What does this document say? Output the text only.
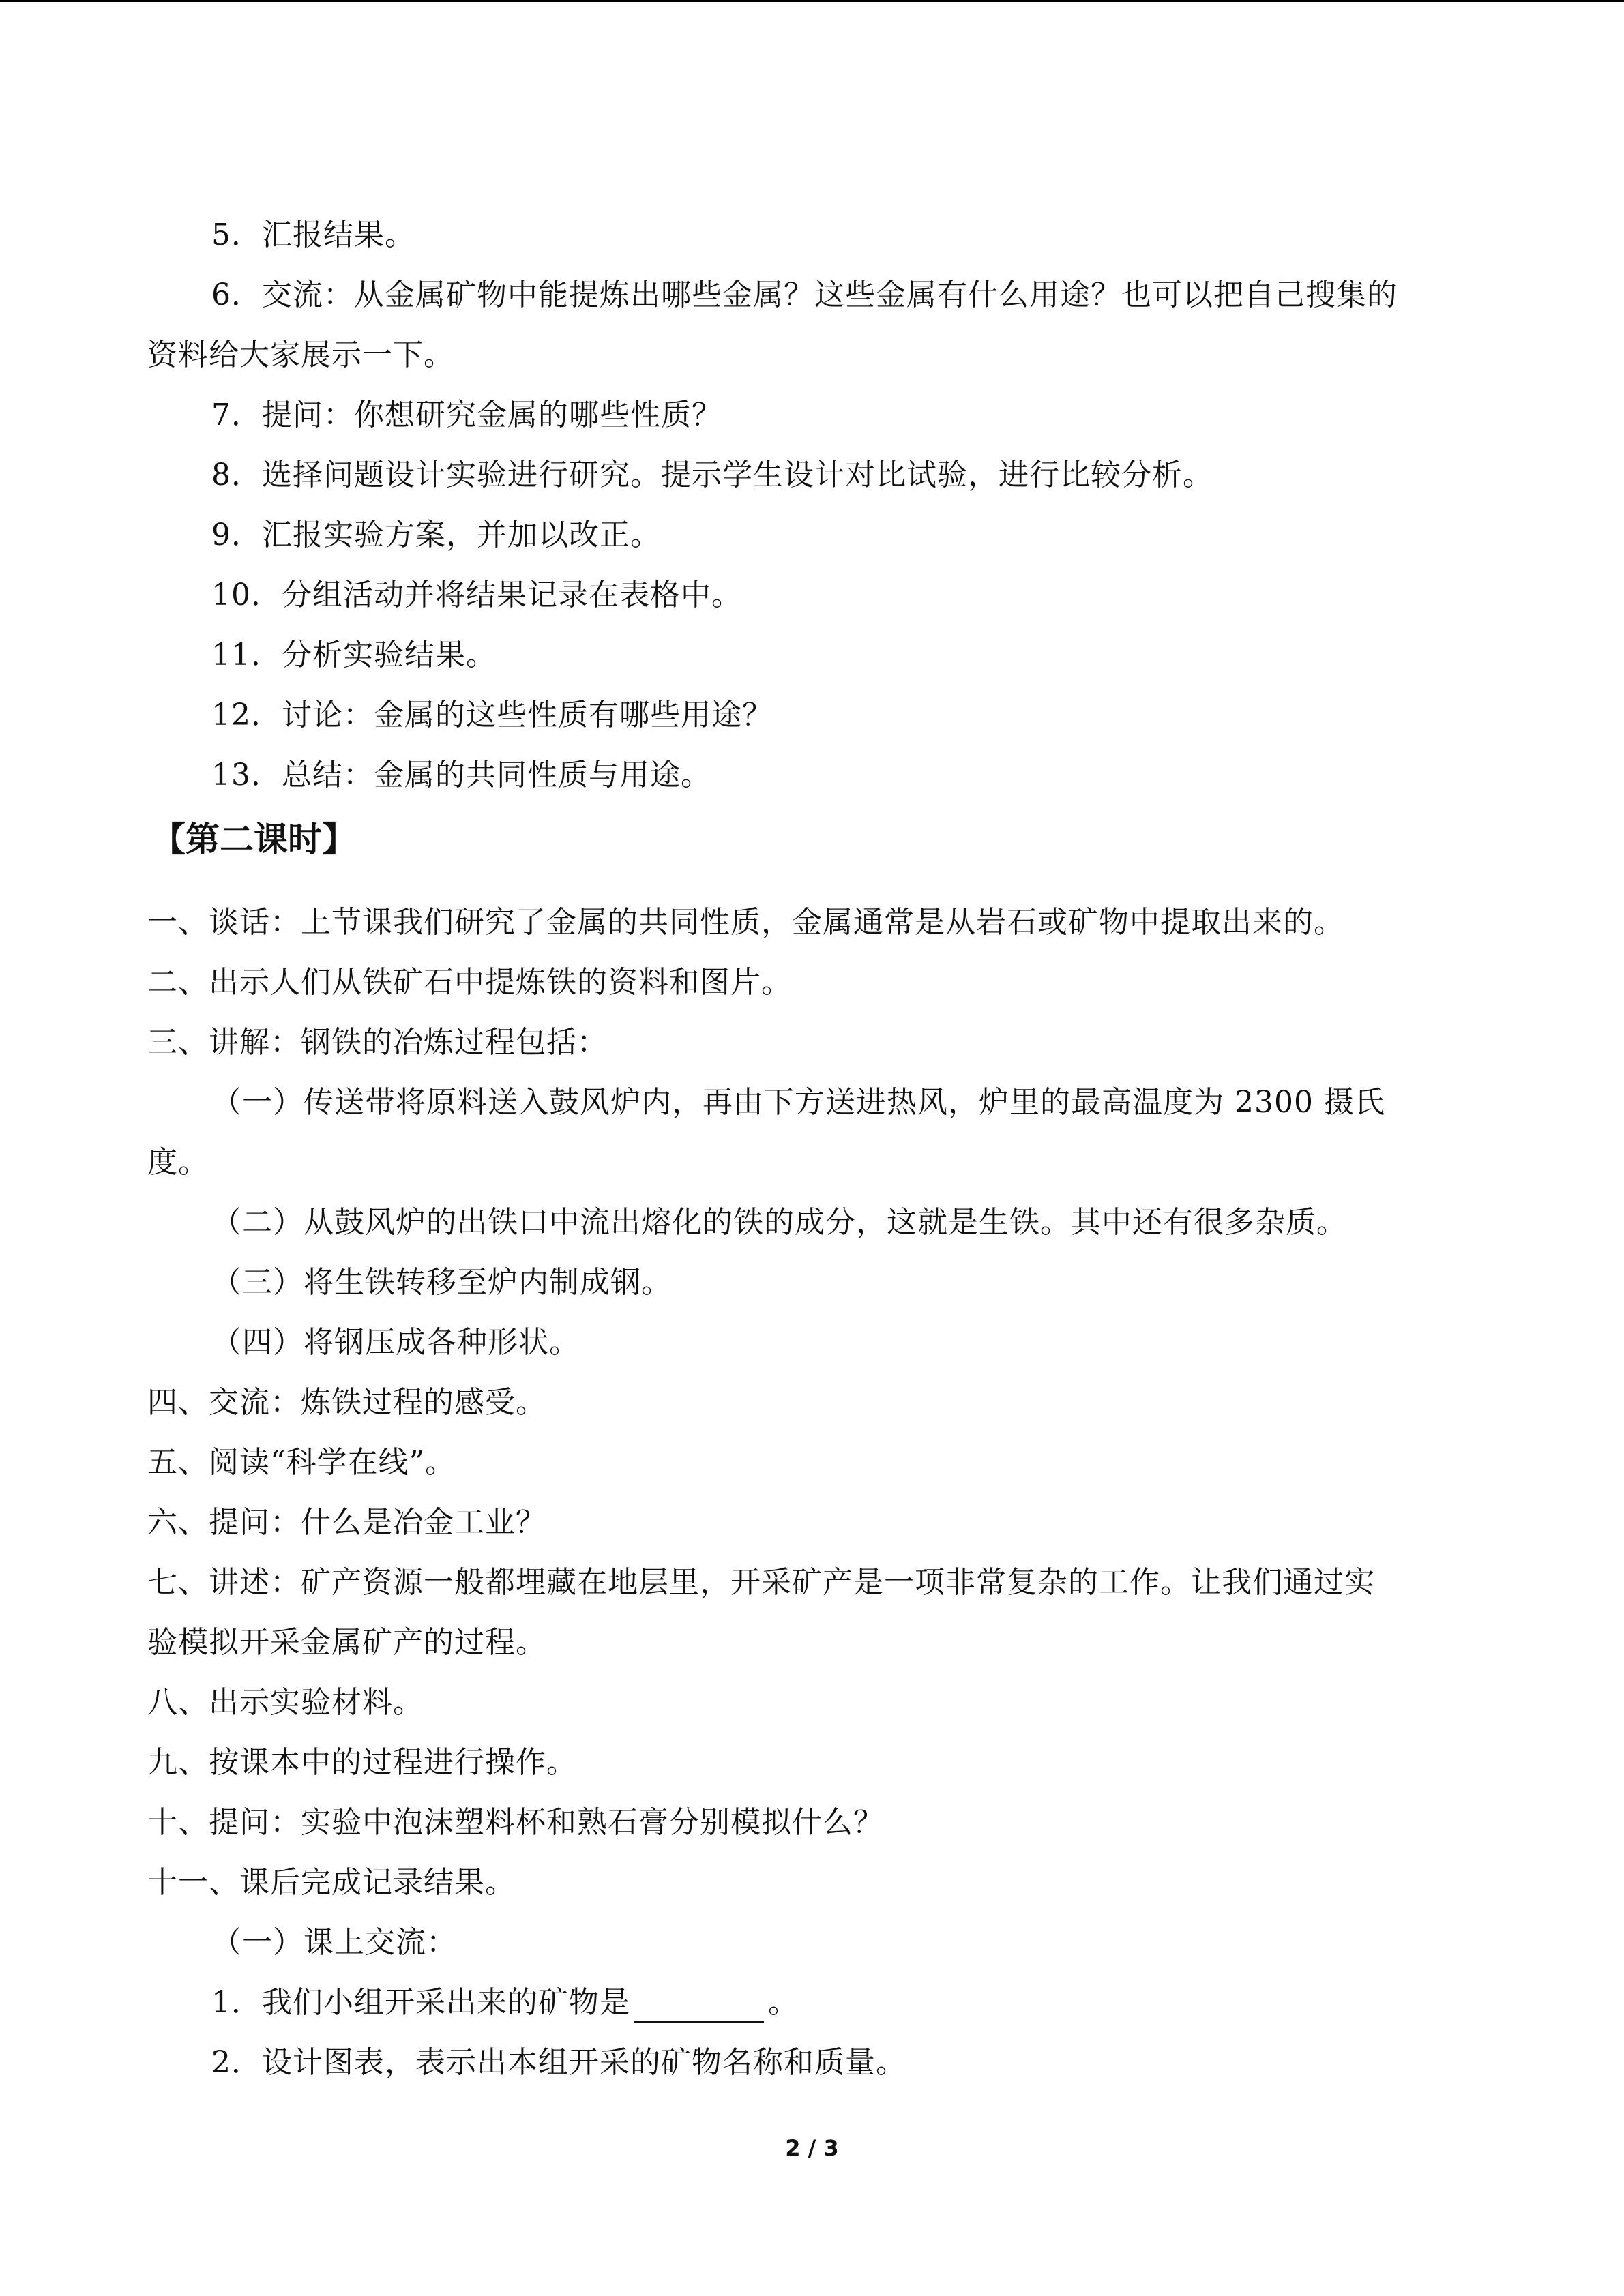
5．汇报结果。
6．交流：从金属矿物中能提炼出哪些金属？这些金属有什么用途？也可以把自己搜集的
资料给大家展示一下。
7．提问：你想研究金属的哪些性质？
8．选择问题设计实验进行研究。提示学生设计对比试验，进行比较分析。
9．汇报实验方案，并加以改正。
10．分组活动并将结果记录在表格中。
11．分析实验结果。
12．讨论：金属的这些性质有哪些用途？
13．总结：金属的共同性质与用途。
【第二课时】
一、谈话：上节课我们研究了金属的共同性质，金属通常是从岩石或矿物中提取出来的。
二、出示人们从铁矿石中提炼铁的资料和图片。
三、讲解：钢铁的冶炼过程包括：
（一）传送带将原料送入鼓风炉内，再由下方送进热风，炉里的最高温度为 2300 摄氏
度。
（二）从鼓风炉的出铁口中流出熔化的铁的成分，这就是生铁。其中还有很多杂质。
（三）将生铁转移至炉内制成钢。
（四）将钢压成各种形状。
四、交流：炼铁过程的感受。
五、阅读“科学在线”。
六、提问：什么是冶金工业？
七、讲述：矿产资源一般都埋藏在地层里，开采矿产是一项非常复杂的工作。让我们通过实
验模拟开采金属矿产的过程。
八、出示实验材料。
九、按课本中的过程进行操作。
十、提问：实验中泡沫塑料杯和熟石膏分别模拟什么？
十一、课后完成记录结果。
（一）课上交流：
1．我们小组开采出来的矿物是	。
2．设计图表，表示出本组开采的矿物名称和质量。
2 / 3
